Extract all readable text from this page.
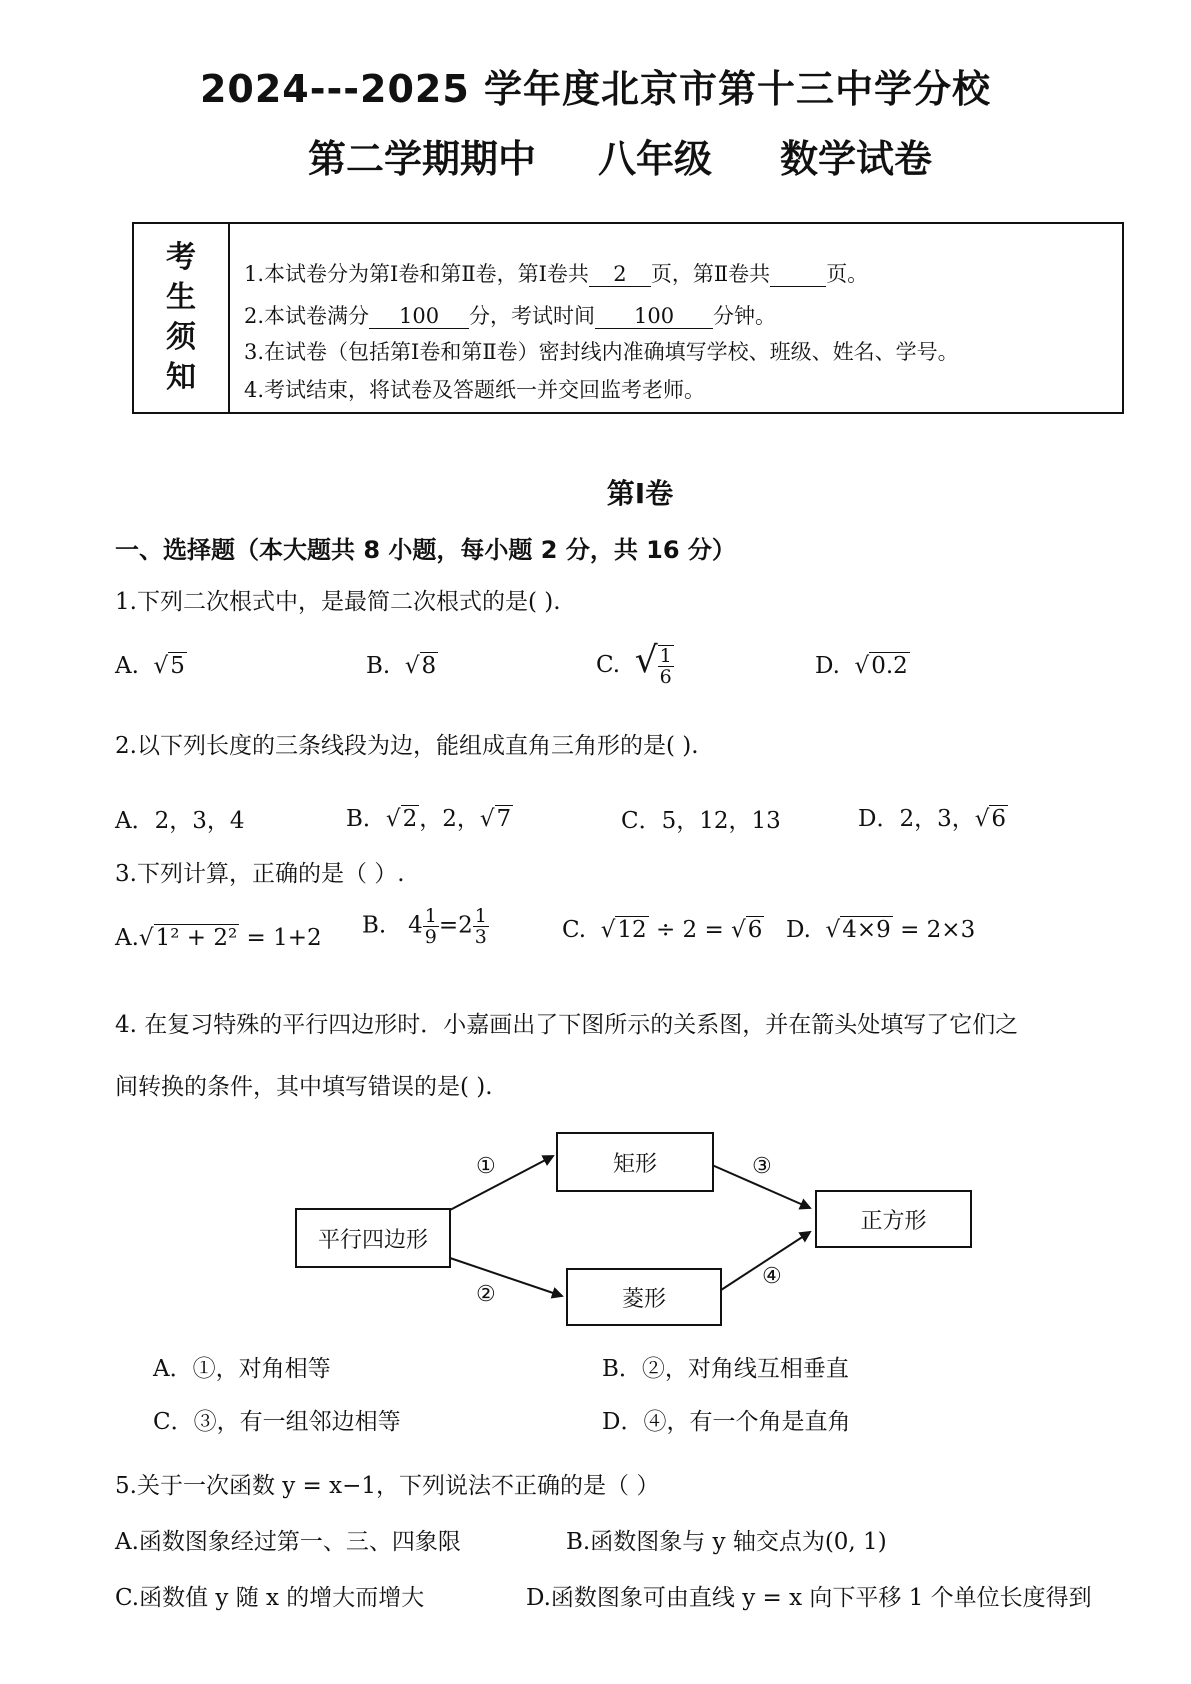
2024---2025 学年度北京市第十三中学分校
第二学期期中 八年级 数学试卷
考
生
须
知
1.本试卷分为第Ⅰ卷和第Ⅱ卷，第Ⅰ卷共 2 页，第Ⅱ卷共	页。
2.本试卷满分 100 分，考试时间 100 分钟。
3.在试卷（包括第Ⅰ卷和第Ⅱ卷）密封线内准确填写学校、班级、姓名、学号。
4.考试结束，将试卷及答题纸一并交回监考老师。
第Ⅰ卷
一、选择题（本大题共 8 小题，每小题 2 分，共 16 分）
1.下列二次根式中，是最简二次根式的是( ).
A.  √5	B.  √8	C. √ $\frac{1}{6}$	D.  √0.2
2.以下列长度的三条线段为边，能组成直角三角形的是( ).
A．2，3，4	B．√2，2，√7	C．5，12，13	D．2，3，√6
3.下列计算，正确的是（ ）.
A.√1² + 2² = 1+2 B. $4 \frac{1}{9} =2 \frac{1}{3}$	C.  √12 ÷ 2 = √6 D.  √4×9 = 2×3
4. 在复习特殊的平行四边形时．小嘉画出了下图所示的关系图，并在箭头处填写了它们之
间转换的条件，其中填写错误的是( ).
平行四边形
矩形
菱形
正方形
①
②
③
④
A．①，对角相等	B．②，对角线互相垂直
C．③，有一组邻边相等	D．④，有一个角是直角
5.关于一次函数 y = x−1，下列说法不正确的是（ ）
A.函数图象经过第一、三、四象限	B.函数图象与 y 轴交点为(0, 1)
C.函数值 y 随 x 的增大而增大	D.函数图象可由直线 y = x 向下平移 1 个单位长度得到
